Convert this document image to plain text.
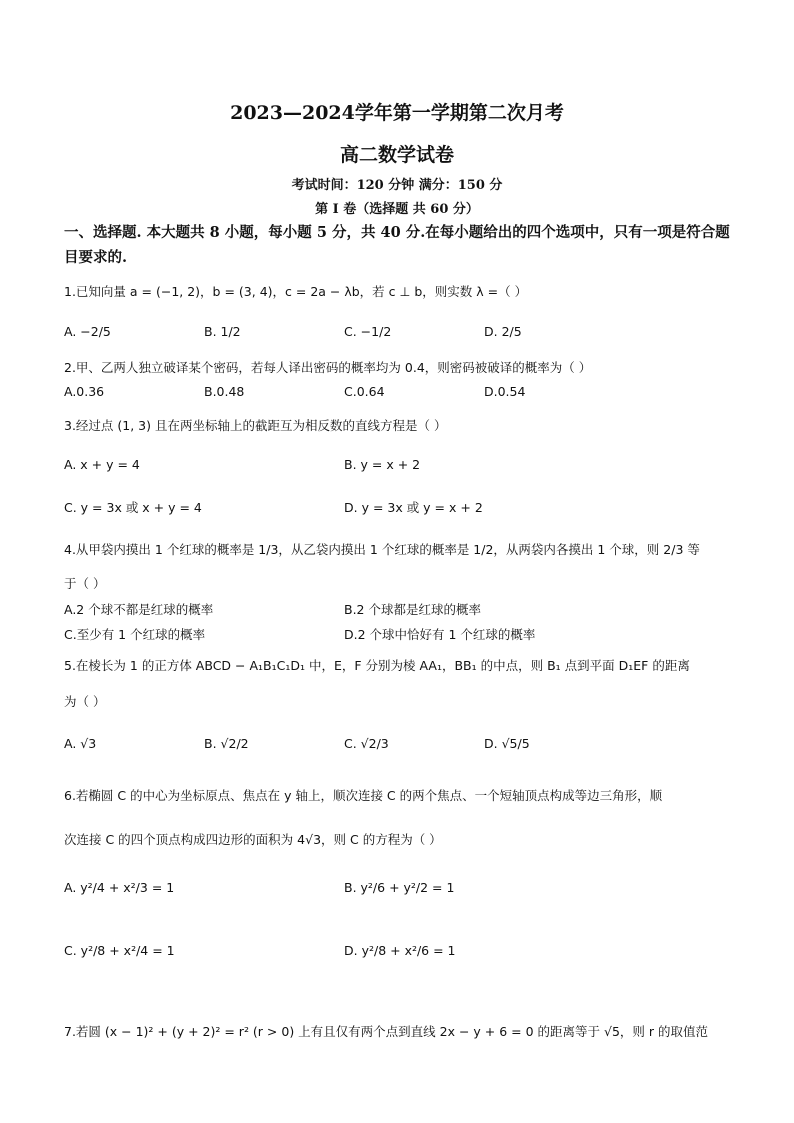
2023—2024学年第一学期第二次月考
高二数学试卷
考试时间：120 分钟 满分：150 分
第 I 卷（选择题 共 60 分）
一、选择题. 本大题共 8 小题，每小题 5 分，共 40 分.在每小题给出的四个选项中，只有一项是符合题目要求的.
1.已知向量 a = (−1, 2)，b = (3, 4)，c = 2a − λb，若 c ⊥ b，则实数 λ =（ ）
A. −2/5	B. 1/2	C. −1/2	D. 2/5
2.甲、乙两人独立破译某个密码，若每人译出密码的概率均为 0.4，则密码被破译的概率为（ ）
A.0.36	B.0.48	C.0.64	D.0.54
3.经过点 (1, 3) 且在两坐标轴上的截距互为相反数的直线方程是（ ）
A. x + y = 4	B. y = x + 2
C. y = 3x 或 x + y = 4	D. y = 3x 或 y = x + 2
4.从甲袋内摸出 1 个红球的概率是 1/3，从乙袋内摸出 1 个红球的概率是 1/2，从两袋内各摸出 1 个球，则 2/3 等
于（ ）
A.2 个球不都是红球的概率	B.2 个球都是红球的概率
C.至少有 1 个红球的概率	D.2 个球中恰好有 1 个红球的概率
5.在棱长为 1 的正方体 ABCD − A₁B₁C₁D₁ 中，E，F 分别为棱 AA₁，BB₁ 的中点，则 B₁ 点到平面 D₁EF 的距离
为（ ）
A. √3	B. √2/2	C. √2/3	D. √5/5
6.若椭圆 C 的中心为坐标原点、焦点在 y 轴上，顺次连接 C 的两个焦点、一个短轴顶点构成等边三角形，顺
次连接 C 的四个顶点构成四边形的面积为 4√3，则 C 的方程为（ ）
A. y²/4 + x²/3 = 1	B. y²/6 + y²/2 = 1
C. y²/8 + x²/4 = 1	D. y²/8 + x²/6 = 1
7.若圆 (x − 1)² + (y + 2)² = r² (r > 0) 上有且仅有两个点到直线 2x − y + 6 = 0 的距离等于 √5，则 r 的取值范
